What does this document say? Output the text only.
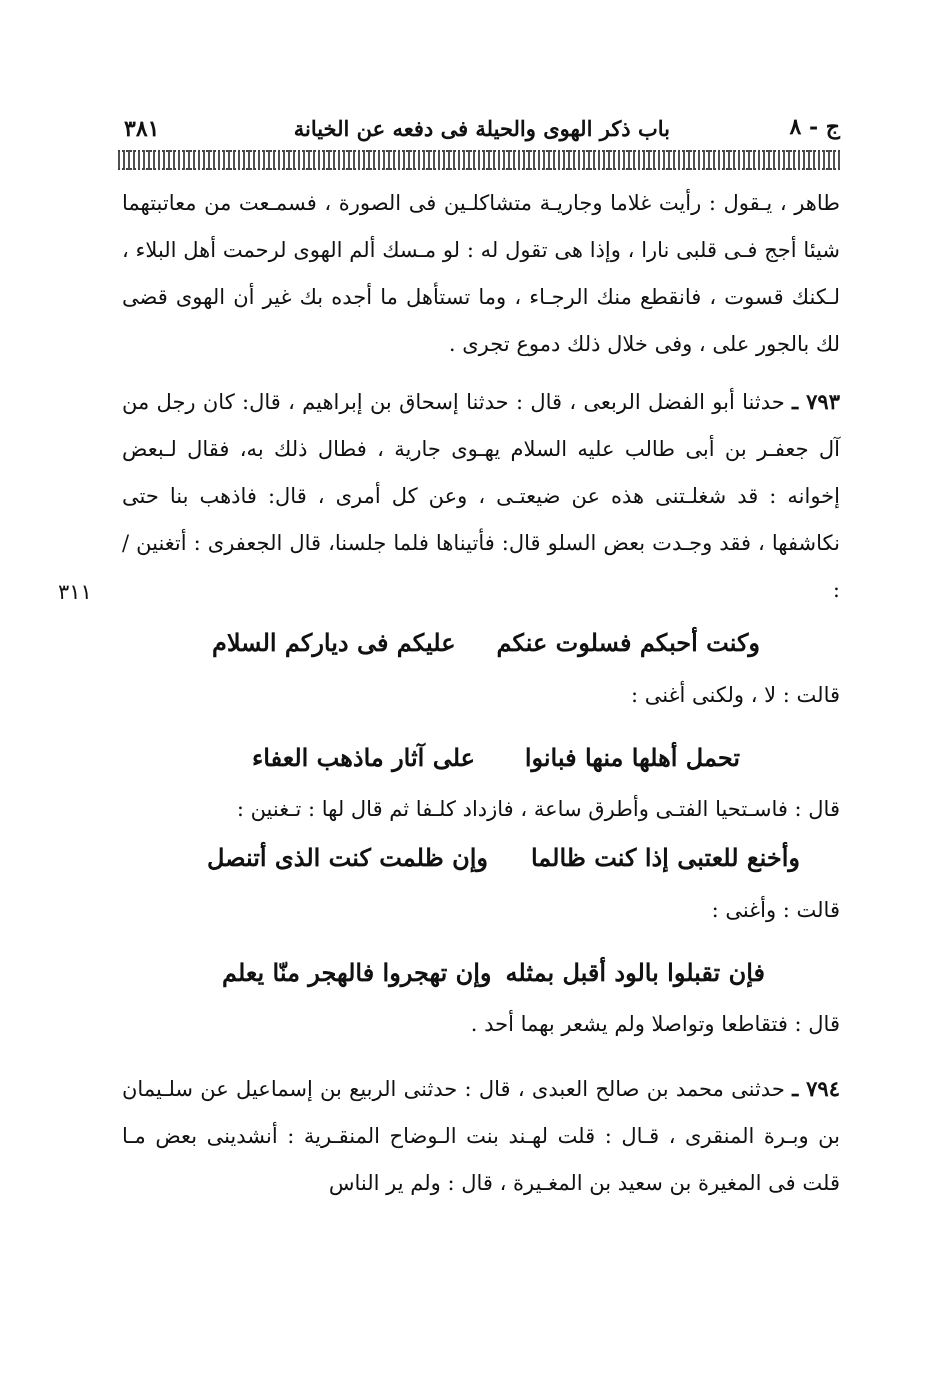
ج - ٨
باب ذكر الهوى والحيلة فى دفعه عن الخيانة
٣٨١

طاهر ، يـقول : رأيت غلاما وجاريـة متشاكلـين فى الصورة ، فسمـعت من معاتبتهما شيئا أجج فـى قلبى نارا ، وإذا هى تقول له : لو مـسك ألم الهوى لرحمت أهل البلاء ، لـكنك قسوت ، فانقطع منك الرجـاء ، وما تستأهل ما أجده بك غير أن الهوى قضى لك بالجور على ، وفى خلال ذلك دموع تجرى .

٧٩٣ ـ حدثنا أبو الفضل الربعى ، قال : حدثنا إسحاق بن إبراهيم ، قال: كان رجل من آل جعفـر بن أبى طالب عليه السلام يهـوى جارية ، فطال ذلك به، فقال لـبعض إخوانه : قد شغلـتنى هذه عن ضيعتـى ، وعن كل أمرى ، قال: فاذهب بنا حتى نكاشفها ، فقد وجـدت بعض السلو قال: فأتيناها فلما جلسنا، قال الجعفرى : أتغنين / :

٣١١
وكنت أحبكم فسلوت عنكم
عليكم فى دياركم السلام
قالت : لا ، ولكنى أغنى :
تحمل أهلها منها فبانوا
على آثار ماذهب العفاء
قال : فاسـتحيا الفتـى وأطرق ساعة ، فازداد كلـفا ثم قال لها : تـغنين :
وأخنع للعتبى إذا كنت ظالما
وإن ظلمت كنت الذى أتنصل
قالت : وأغنى :
فإن تقبلوا بالود أقبل بمثله
وإن تهجروا فالهجر منّا يعلم
قال : فتقاطعا وتواصلا ولم يشعر بهما أحد .

٧٩٤ ـ حدثنى محمد بن صالح العبدى ، قال : حدثنى الربيع بن إسماعيل عن سلـيمان بن وبـرة المنقرى ، قـال : قلت لهـند بنت الـوضاح المنقـرية : أنشدينى بعض مـا قلت فى المغيرة بن سعيد بن المغـيرة ، قال : ولم ير الناس
